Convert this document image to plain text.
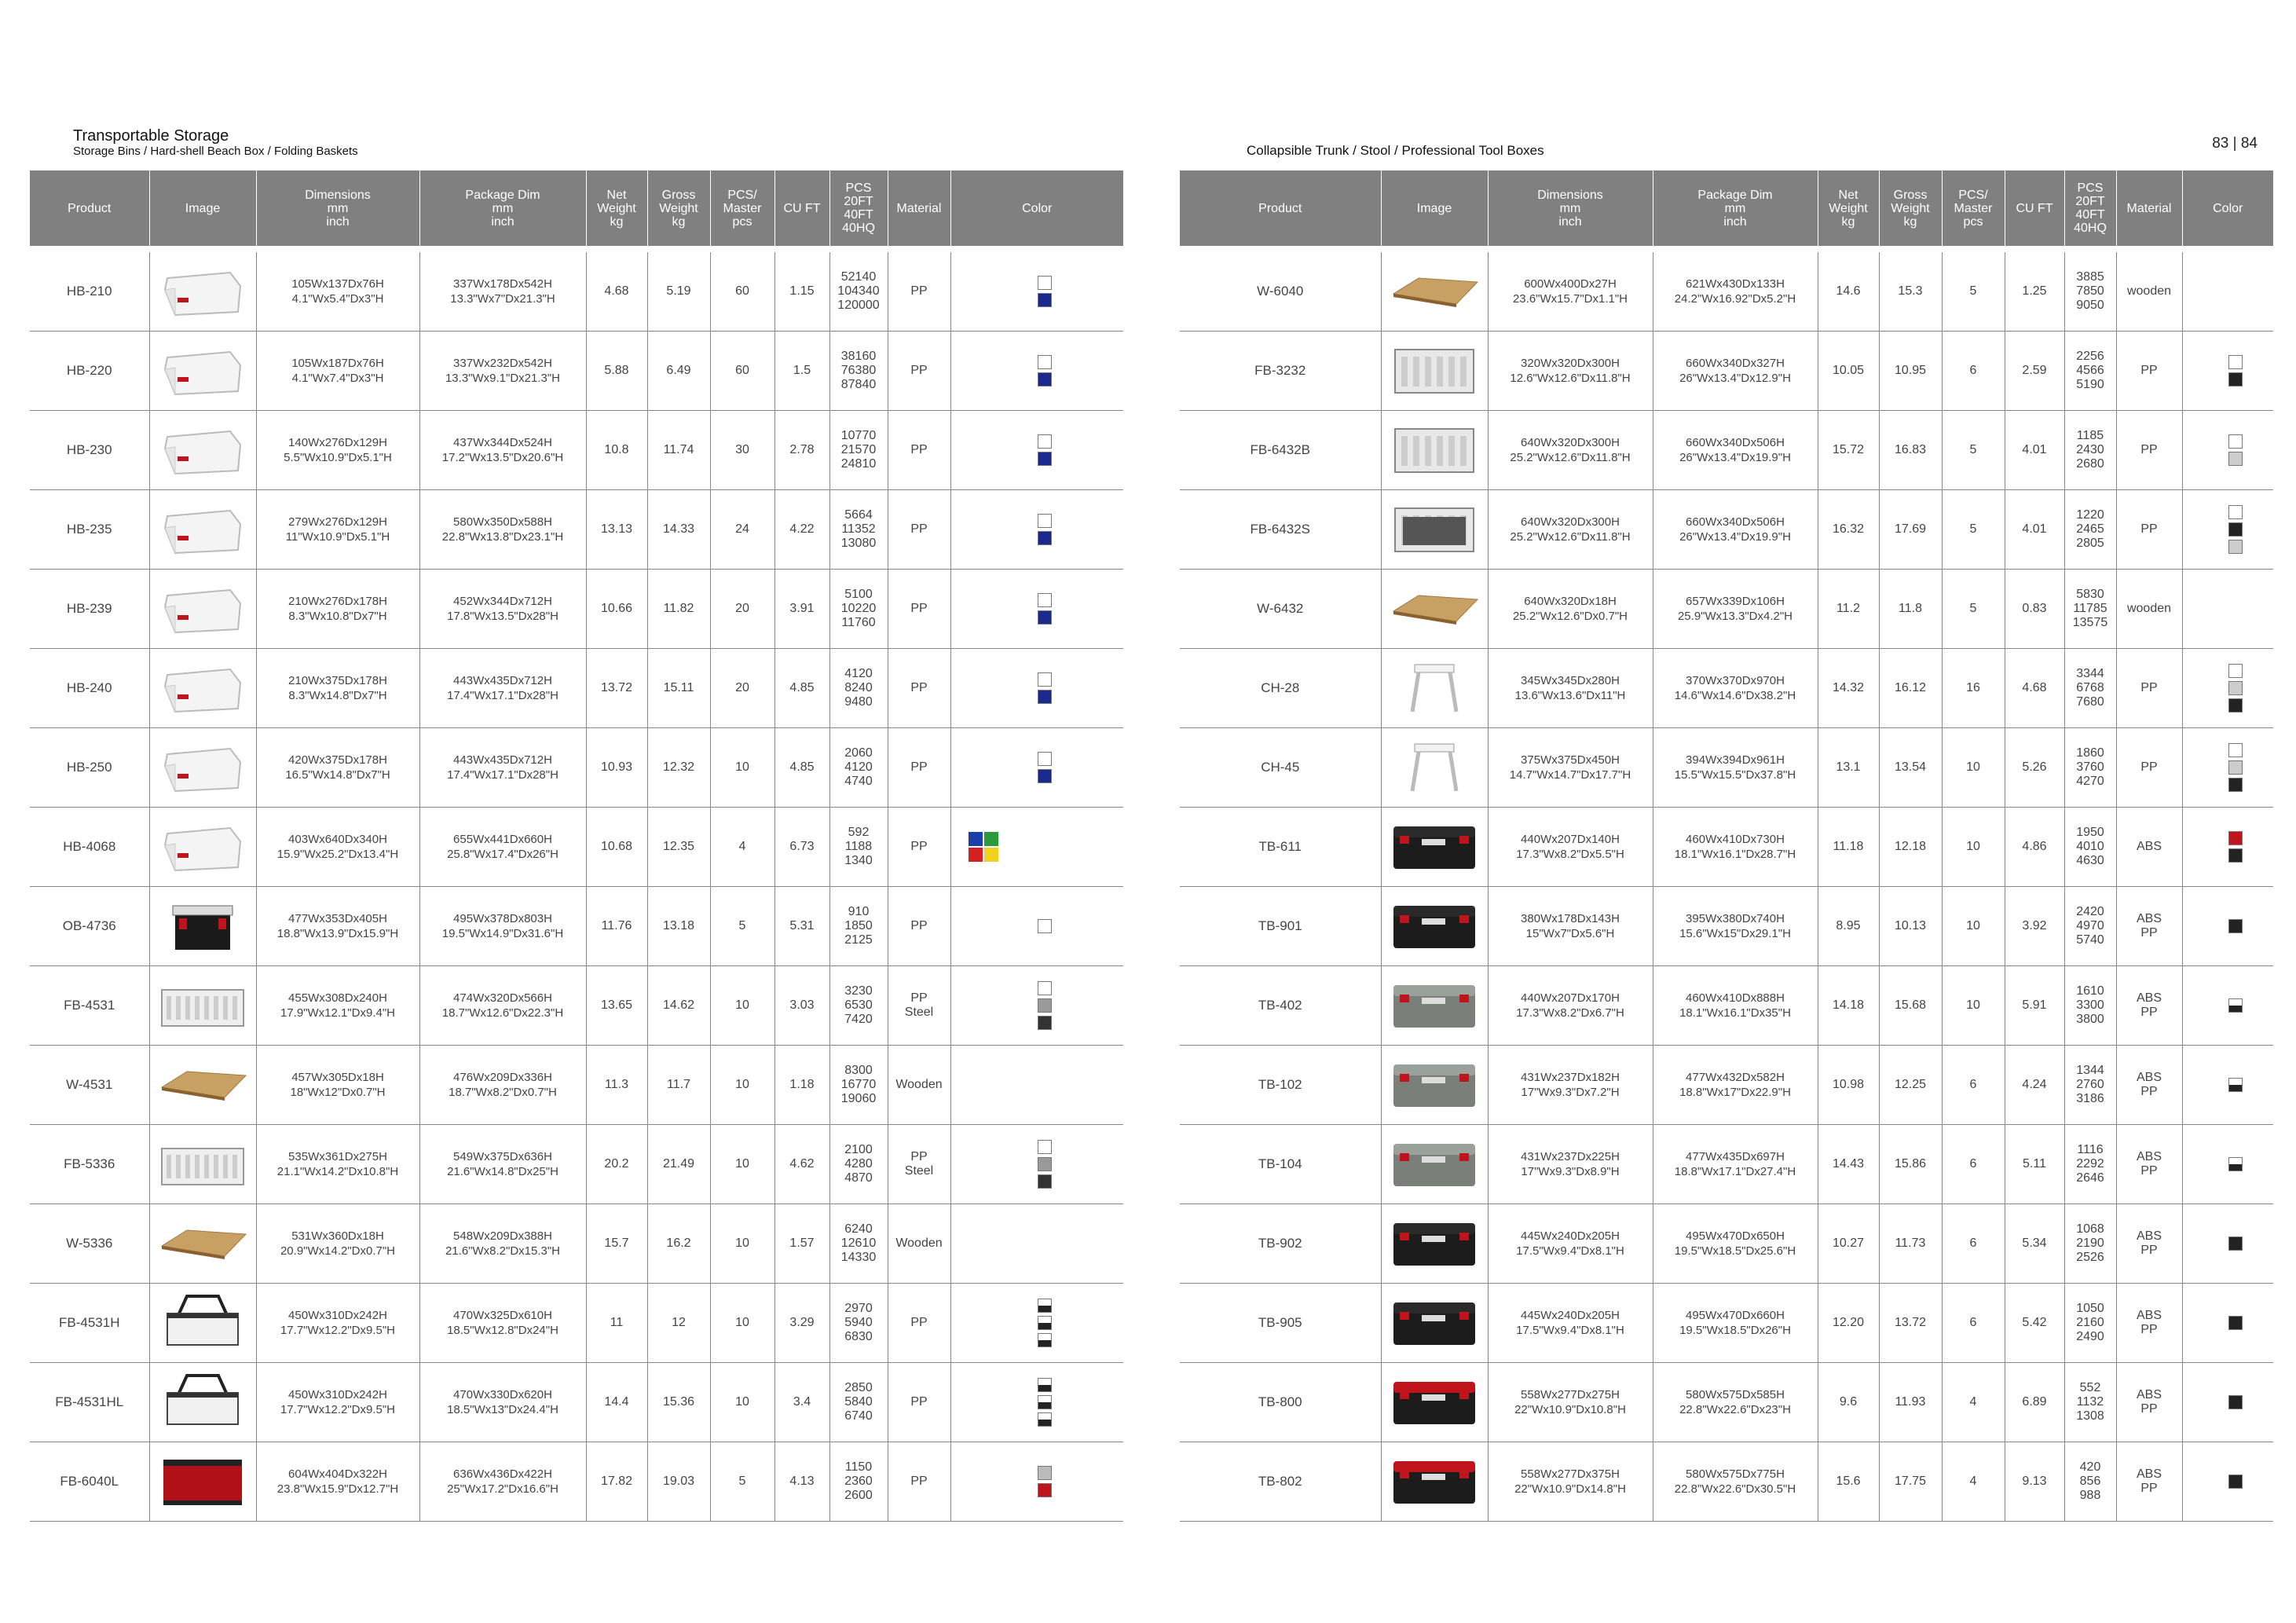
Transportable Storage
Storage Bins / Hard-shell Beach Box / Folding Baskets
Product	Image	Dimensions
mm
inch	Package Dim
mm
inch	Net
Weight
kg	Gross
Weight
kg	PCS/
Master
pcs	CU FT	PCS
20FT
40FT
40HQ	Material	Color

HB-210		105Wx137Dx76H
4.1"Wx5.4"Dx3"H	337Wx178Dx542H
13.3"Wx7"Dx21.3"H	4.68	5.19	60	1.15	52140
104340
120000	PP	

HB-220		105Wx187Dx76H
4.1"Wx7.4"Dx3"H	337Wx232Dx542H
13.3"Wx9.1"Dx21.3"H	5.88	6.49	60	1.5	38160
76380
87840	PP	

HB-230		140Wx276Dx129H
5.5"Wx10.9"Dx5.1"H	437Wx344Dx524H
17.2"Wx13.5"Dx20.6"H	10.8	11.74	30	2.78	10770
21570
24810	PP	

HB-235		279Wx276Dx129H
11"Wx10.9"Dx5.1"H	580Wx350Dx588H
22.8"Wx13.8"Dx23.1"H	13.13	14.33	24	4.22	5664
11352
13080	PP	

HB-239		210Wx276Dx178H
8.3"Wx10.8"Dx7"H	452Wx344Dx712H
17.8"Wx13.5"Dx28"H	10.66	11.82	20	3.91	5100
10220
11760	PP	

HB-240		210Wx375Dx178H
8.3"Wx14.8"Dx7"H	443Wx435Dx712H
17.4"Wx17.1"Dx28"H	13.72	15.11	20	4.85	4120
8240
9480	PP	

HB-250		420Wx375Dx178H
16.5"Wx14.8"Dx7"H	443Wx435Dx712H
17.4"Wx17.1"Dx28"H	10.93	12.32	10	4.85	2060
4120
4740	PP	

HB-4068		403Wx640Dx340H
15.9"Wx25.2"Dx13.4"H	655Wx441Dx660H
25.8"Wx17.4"Dx26"H	10.68	12.35	4	6.73	592
1188
1340	PP	

OB-4736		477Wx353Dx405H
18.8"Wx13.9"Dx15.9"H	495Wx378Dx803H
19.5"Wx14.9"Dx31.6"H	11.76	13.18	5	5.31	910
1850
2125	PP	

FB-4531		455Wx308Dx240H
17.9"Wx12.1"Dx9.4"H	474Wx320Dx566H
18.7"Wx12.6"Dx22.3"H	13.65	14.62	10	3.03	3230
6530
7420	PP
Steel	

W-4531		457Wx305Dx18H
18"Wx12"Dx0.7"H	476Wx209Dx336H
18.7"Wx8.2"Dx0.7"H	11.3	11.7	10	1.18	8300
16770
19060	Wooden	

FB-5336		535Wx361Dx275H
21.1"Wx14.2"Dx10.8"H	549Wx375Dx636H
21.6"Wx14.8"Dx25"H	20.2	21.49	10	4.62	2100
4280
4870	PP
Steel	

W-5336		531Wx360Dx18H
20.9"Wx14.2"Dx0.7"H	548Wx209Dx388H
21.6"Wx8.2"Dx15.3"H	15.7	16.2	10	1.57	6240
12610
14330	Wooden	

FB-4531H		450Wx310Dx242H
17.7"Wx12.2"Dx9.5"H	470Wx325Dx610H
18.5"Wx12.8"Dx24"H	11	12	10	3.29	2970
5940
6830	PP	

FB-4531HL		450Wx310Dx242H
17.7"Wx12.2"Dx9.5"H	470Wx330Dx620H
18.5"Wx13"Dx24.4"H	14.4	15.36	10	3.4	2850
5840
6740	PP	

FB-6040L		604Wx404Dx322H
23.8"Wx15.9"Dx12.7"H	636Wx436Dx422H
25"Wx17.2"Dx16.6"H	17.82	19.03	5	4.13	1150
2360
2600	PP	
Collapsible Trunk / Stool / Professional Tool Boxes	83 | 84
Product	Image	Dimensions
mm
inch	Package Dim
mm
inch	Net
Weight
kg	Gross
Weight
kg	PCS/
Master
pcs	CU FT	PCS
20FT
40FT
40HQ	Material	Color

W-6040		600Wx400Dx27H
23.6"Wx15.7"Dx1.1"H	621Wx430Dx133H
24.2"Wx16.92"Dx5.2"H	14.6	15.3	5	1.25	3885
7850
9050	wooden	

FB-3232		320Wx320Dx300H
12.6"Wx12.6"Dx11.8"H	660Wx340Dx327H
26"Wx13.4"Dx12.9"H	10.05	10.95	6	2.59	2256
4566
5190	PP	

FB-6432B		640Wx320Dx300H
25.2"Wx12.6"Dx11.8"H	660Wx340Dx506H
26"Wx13.4"Dx19.9"H	15.72	16.83	5	4.01	1185
2430
2680	PP	

FB-6432S		640Wx320Dx300H
25.2"Wx12.6"Dx11.8"H	660Wx340Dx506H
26"Wx13.4"Dx19.9"H	16.32	17.69	5	4.01	1220
2465
2805	PP	

W-6432		640Wx320Dx18H
25.2"Wx12.6"Dx0.7"H	657Wx339Dx106H
25.9"Wx13.3"Dx4.2"H	11.2	11.8	5	0.83	5830
11785
13575	wooden	

CH-28		345Wx345Dx280H
13.6"Wx13.6"Dx11"H	370Wx370Dx970H
14.6"Wx14.6"Dx38.2"H	14.32	16.12	16	4.68	3344
6768
7680	PP	

CH-45		375Wx375Dx450H
14.7"Wx14.7"Dx17.7"H	394Wx394Dx961H
15.5"Wx15.5"Dx37.8"H	13.1	13.54	10	5.26	1860
3760
4270	PP	

TB-611		440Wx207Dx140H
17.3"Wx8.2"Dx5.5"H	460Wx410Dx730H
18.1"Wx16.1"Dx28.7"H	11.18	12.18	10	4.86	1950
4010
4630	ABS	

TB-901		380Wx178Dx143H
15"Wx7"Dx5.6"H	395Wx380Dx740H
15.6"Wx15"Dx29.1"H	8.95	10.13	10	3.92	2420
4970
5740	ABS
PP	

TB-402		440Wx207Dx170H
17.3"Wx8.2"Dx6.7"H	460Wx410Dx888H
18.1"Wx16.1"Dx35"H	14.18	15.68	10	5.91	1610
3300
3800	ABS
PP	

TB-102		431Wx237Dx182H
17"Wx9.3"Dx7.2"H	477Wx432Dx582H
18.8"Wx17"Dx22.9"H	10.98	12.25	6	4.24	1344
2760
3186	ABS
PP	

TB-104		431Wx237Dx225H
17"Wx9.3"Dx8.9"H	477Wx435Dx697H
18.8"Wx17.1"Dx27.4"H	14.43	15.86	6	5.11	1116
2292
2646	ABS
PP	

TB-902		445Wx240Dx205H
17.5"Wx9.4"Dx8.1"H	495Wx470Dx650H
19.5"Wx18.5"Dx25.6"H	10.27	11.73	6	5.34	1068
2190
2526	ABS
PP	

TB-905		445Wx240Dx205H
17.5"Wx9.4"Dx8.1"H	495Wx470Dx660H
19.5"Wx18.5"Dx26"H	12.20	13.72	6	5.42	1050
2160
2490	ABS
PP	

TB-800		558Wx277Dx275H
22"Wx10.9"Dx10.8"H	580Wx575Dx585H
22.8"Wx22.6"Dx23"H	9.6	11.93	4	6.89	552
1132
1308	ABS
PP	

TB-802		558Wx277Dx375H
22"Wx10.9"Dx14.8"H	580Wx575Dx775H
22.8"Wx22.6"Dx30.5"H	15.6	17.75	4	9.13	420
856
988	ABS
PP	
